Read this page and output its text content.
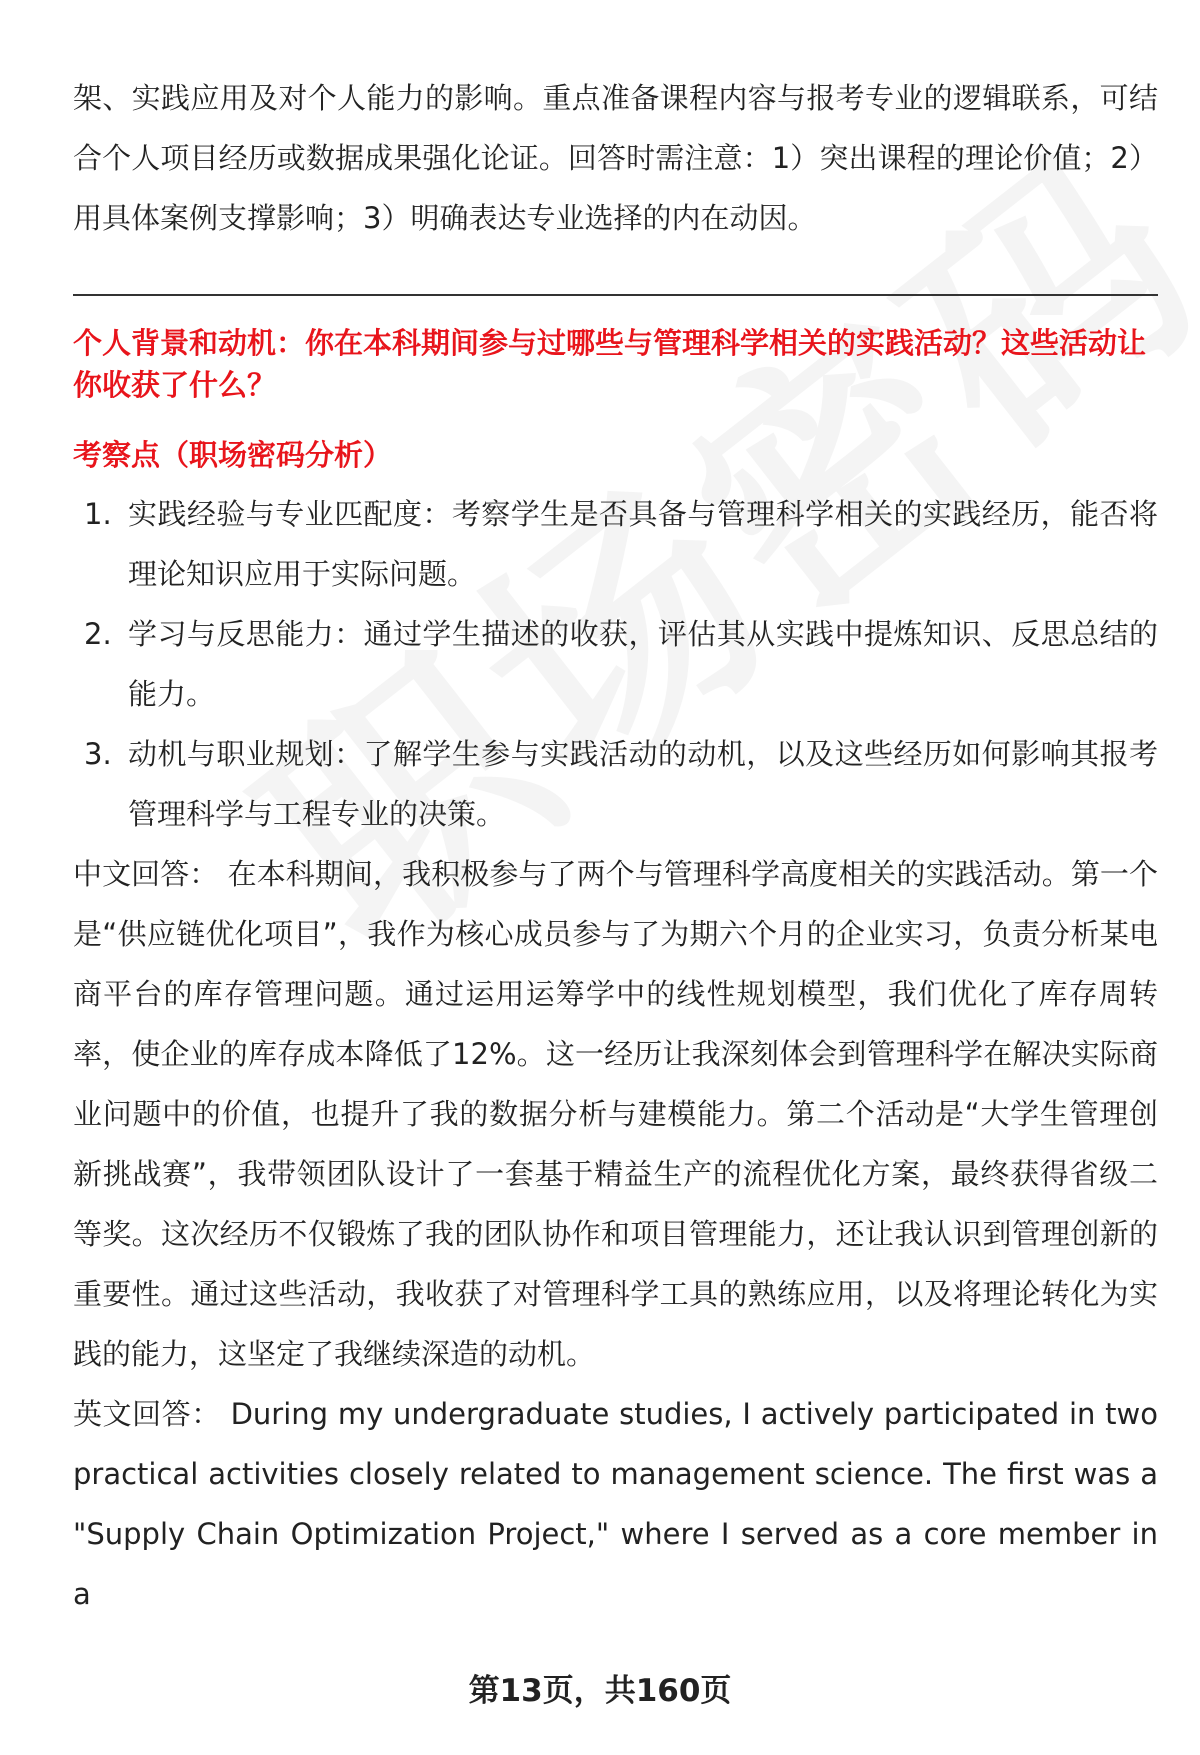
架、实践应用及对个人能力的影响。重点准备课程内容与报考专业的逻辑联系，可结合个人项目经历或数据成果强化论证。回答时需注意：1）突出课程的理论价值；2）用具体案例支撑影响；3）明确表达专业选择的内在动因。

个人背景和动机：你在本科期间参与过哪些与管理科学相关的实践活动？这些活动让你收获了什么？

考察点（职场密码分析）

1. 实践经验与专业匹配度：考察学生是否具备与管理科学相关的实践经历，能否将理论知识应用于实际问题。
2. 学习与反思能力：通过学生描述的收获，评估其从实践中提炼知识、反思总结的能力。
3. 动机与职业规划：了解学生参与实践活动的动机，以及这些经历如何影响其报考管理科学与工程专业的决策。

中文回答： 在本科期间，我积极参与了两个与管理科学高度相关的实践活动。第一个是“供应链优化项目”，我作为核心成员参与了为期六个月的企业实习，负责分析某电商平台的库存管理问题。通过运用运筹学中的线性规划模型，我们优化了库存周转率，使企业的库存成本降低了12%。这一经历让我深刻体会到管理科学在解决实际商业问题中的价值，也提升了我的数据分析与建模能力。第二个活动是“大学生管理创新挑战赛”，我带领团队设计了一套基于精益生产的流程优化方案，最终获得省级二等奖。这次经历不仅锻炼了我的团队协作和项目管理能力，还让我认识到管理创新的重要性。通过这些活动，我收获了对管理科学工具的熟练应用，以及将理论转化为实践的能力，这坚定了我继续深造的动机。

英文回答： During my undergraduate studies, I actively participated in two practical activities closely related to management science. The first was a "Supply Chain Optimization Project," where I served as a core member in a

第13页，共160页
